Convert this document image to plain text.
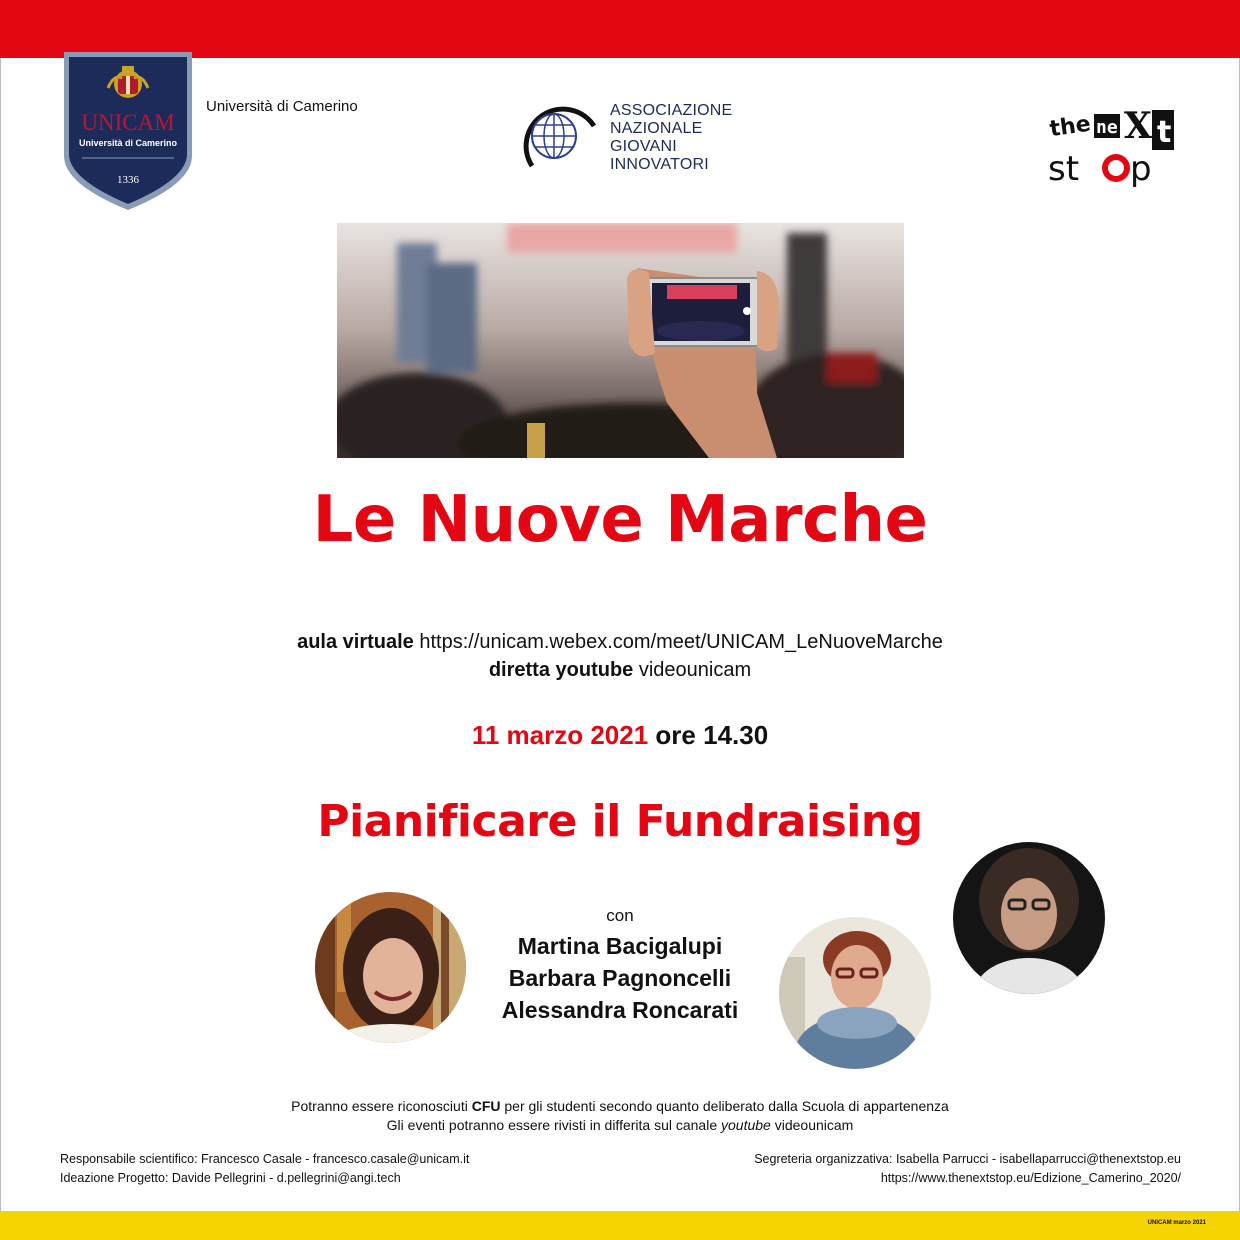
UNICAM
Università di Camerino
1336
Università di Camerino	ASSOCIAZIONE
NAZIONALE
GIOVANI
INNOVATORI
the ne X t
st p
Le Nuove Marche
aula virtuale https://unicam.webex.com/meet/UNICAM_LeNuoveMarche
diretta youtube videounicam
11 marzo 2021 ore 14.30
Pianificare il Fundraising
con
Martina Bacigalupi
Barbara Pagnoncelli
Alessandra Roncarati
Potranno essere riconosciuti CFU per gli studenti secondo quanto deliberato dalla Scuola di appartenenza
Gli eventi potranno essere rivisti in differita sul canale youtube videounicam
Responsabile scientifico: Francesco Casale - francesco.casale@unicam.it
Ideazione Progetto: Davide Pellegrini - d.pellegrini@angi.tech
Segreteria organizzativa: Isabella Parrucci - isabellaparrucci@thenextstop.eu
https://www.thenextstop.eu/Edizione_Camerino_2020/
UNICAM marzo 2021
